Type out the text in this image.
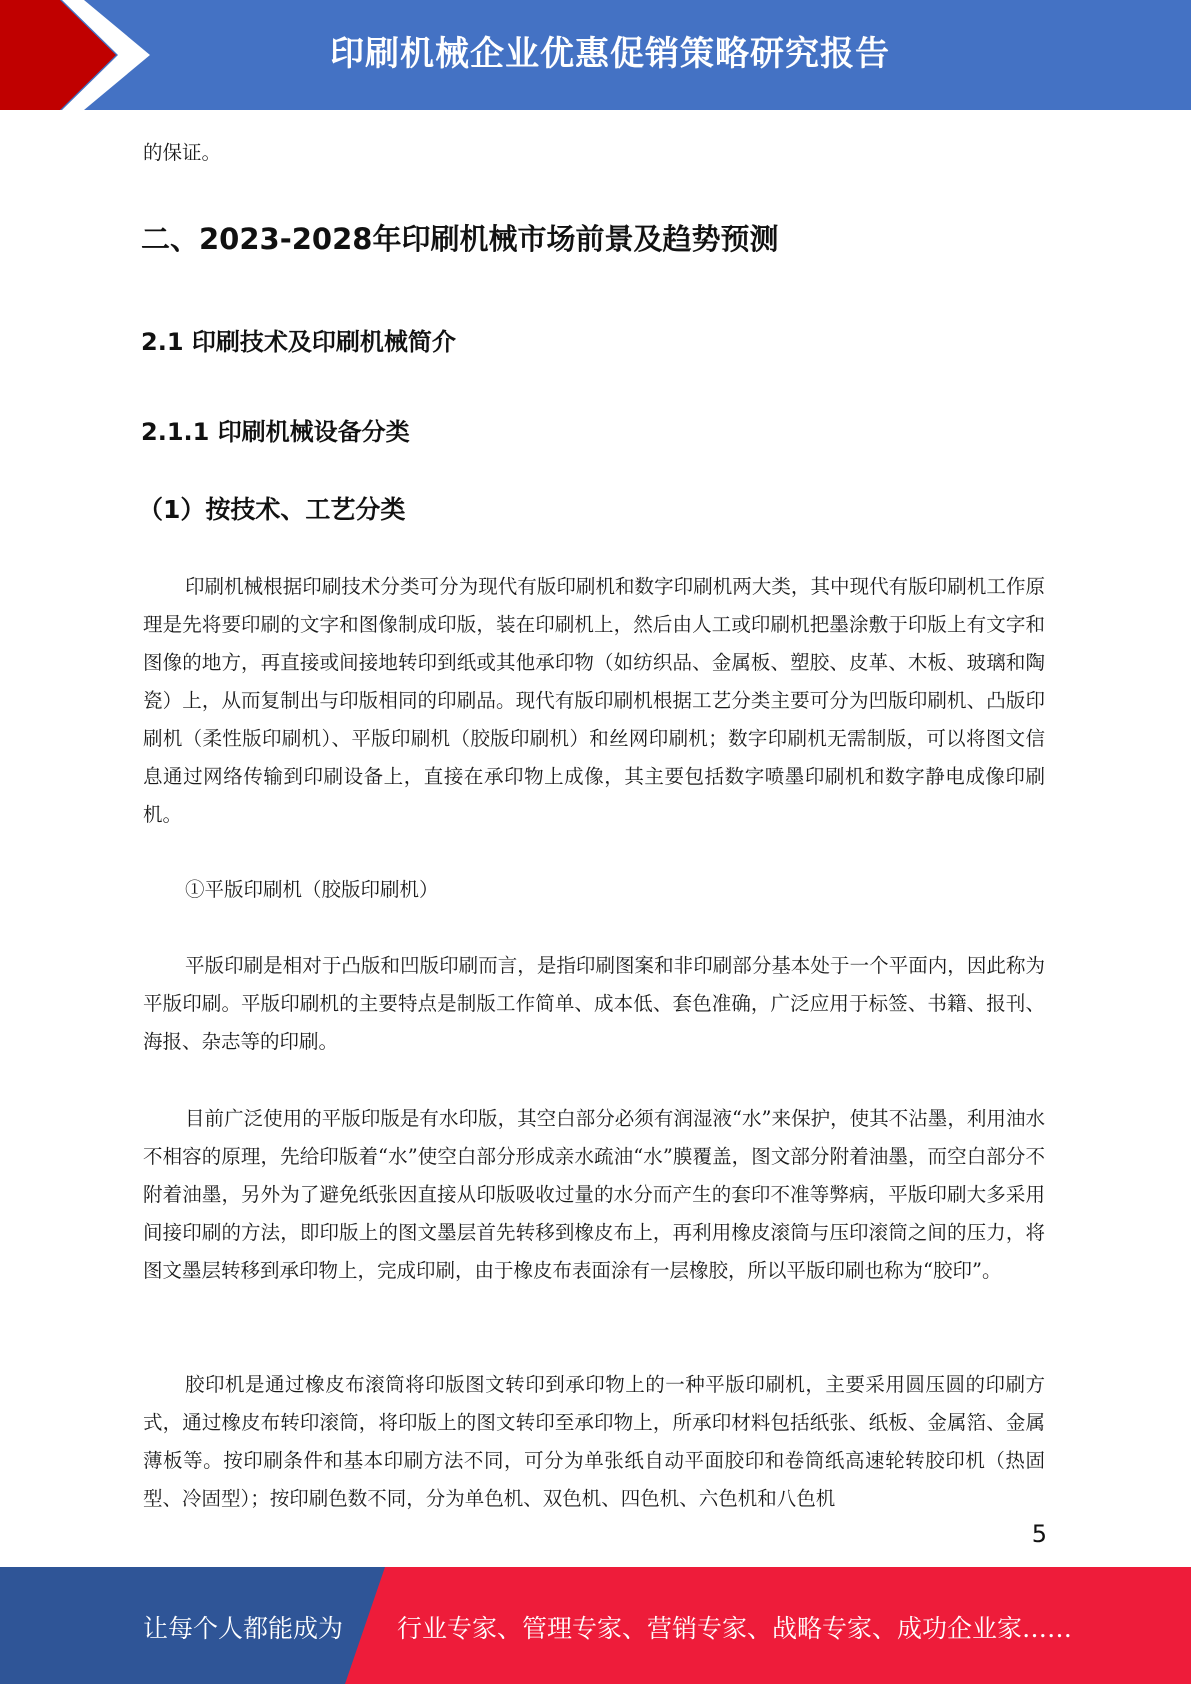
印刷机械企业优惠促销策略研究报告
的保证。
二、2023-2028年印刷机械市场前景及趋势预测
2.1 印刷技术及印刷机械简介
2.1.1 印刷机械设备分类
（1）按技术、工艺分类
印刷机械根据印刷技术分类可分为现代有版印刷机和数字印刷机两大类，其中现代有版印刷机工作原理是先将要印刷的文字和图像制成印版，装在印刷机上，然后由人工或印刷机把墨涂敷于印版上有文字和图像的地方，再直接或间接地转印到纸或其他承印物（如纺织品、金属板、塑胶、皮革、木板、玻璃和陶瓷）上，从而复制出与印版相同的印刷品。现代有版印刷机根据工艺分类主要可分为凹版印刷机、凸版印刷机（柔性版印刷机）、平版印刷机（胶版印刷机）和丝网印刷机；数字印刷机无需制版，可以将图文信息通过网络传输到印刷设备上，直接在承印物上成像，其主要包括数字喷墨印刷机和数字静电成像印刷机。
①平版印刷机（胶版印刷机）
平版印刷是相对于凸版和凹版印刷而言，是指印刷图案和非印刷部分基本处于一个平面内，因此称为平版印刷。平版印刷机的主要特点是制版工作简单、成本低、套色准确，广泛应用于标签、书籍、报刊、海报、杂志等的印刷。
目前广泛使用的平版印版是有水印版，其空白部分必须有润湿液“水”来保护，使其不沾墨，利用油水不相容的原理，先给印版着“水”使空白部分形成亲水疏油“水”膜覆盖，图文部分附着油墨，而空白部分不附着油墨，另外为了避免纸张因直接从印版吸收过量的水分而产生的套印不准等弊病，平版印刷大多采用间接印刷的方法，即印版上的图文墨层首先转移到橡皮布上，再利用橡皮滚筒与压印滚筒之间的压力，将图文墨层转移到承印物上，完成印刷，由于橡皮布表面涂有一层橡胶，所以平版印刷也称为“胶印”。
胶印机是通过橡皮布滚筒将印版图文转印到承印物上的一种平版印刷机，主要采用圆压圆的印刷方式，通过橡皮布转印滚筒，将印版上的图文转印至承印物上，所承印材料包括纸张、纸板、金属箔、金属薄板等。按印刷条件和基本印刷方法不同，可分为单张纸自动平面胶印和卷筒纸高速轮转胶印机（热固型、冷固型）；按印刷色数不同，分为单色机、双色机、四色机、六色机和八色机
5
让每个人都能成为 行业专家、管理专家、营销专家、战略专家、成功企业家……
